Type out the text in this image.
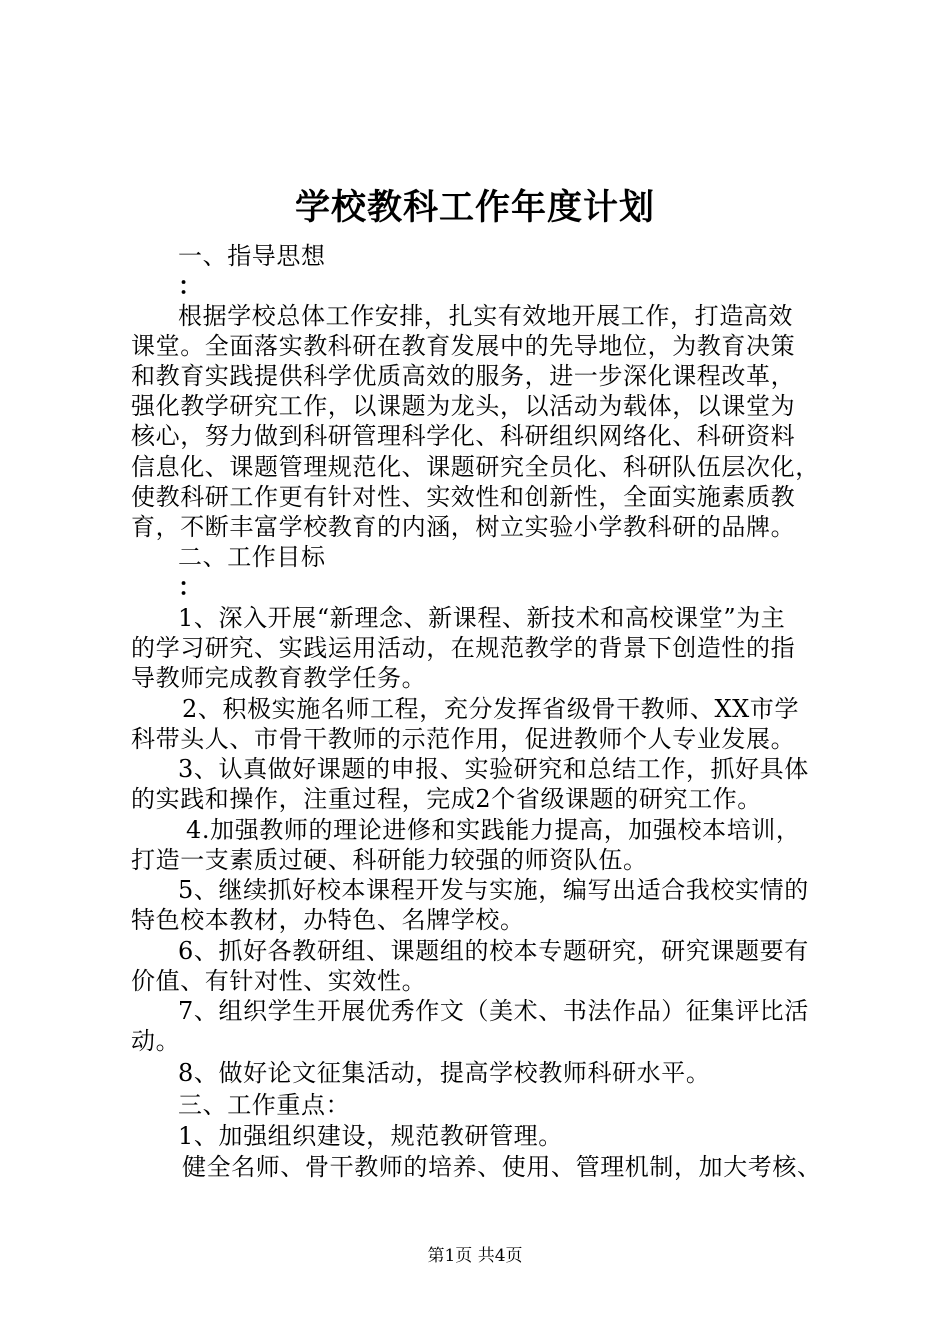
学校教科工作年度计划
一、指导思想
：
根据学校总体工作安排，扎实有效地开展工作，打造高效
课堂。全面落实教科研在教育发展中的先导地位，为教育决策
和教育实践提供科学优质高效的服务，进一步深化课程改革，
强化教学研究工作，以课题为龙头，以活动为载体，以课堂为
核心，努力做到科研管理科学化、科研组织网络化、科研资料
信息化、课题管理规范化、课题研究全员化、科研队伍层次化，
使教科研工作更有针对性、实效性和创新性，全面实施素质教
育，不断丰富学校教育的内涵，树立实验小学教科研的品牌。
二、工作目标
：
1、深入开展“新理念、新课程、新技术和高校课堂”为主
的学习研究、实践运用活动，在规范教学的背景下创造性的指
导教师完成教育教学任务。
2、积极实施名师工程，充分发挥省级骨干教师、XX市学
科带头人、市骨干教师的示范作用，促进教师个人专业发展。
3、认真做好课题的申报、实验研究和总结工作，抓好具体
的实践和操作，注重过程，完成2个省级课题的研究工作。
4.加强教师的理论进修和实践能力提高，加强校本培训，
打造一支素质过硬、科研能力较强的师资队伍。
5、继续抓好校本课程开发与实施，编写出适合我校实情的
特色校本教材，办特色、名牌学校。
6、抓好各教研组、课题组的校本专题研究，研究课题要有
价值、有针对性、实效性。
7、组织学生开展优秀作文（美术、书法作品）征集评比活
动。
8、做好论文征集活动，提高学校教师科研水平。
三、工作重点：
1、加强组织建设，规范教研管理。
健全名师、骨干教师的培养、使用、管理机制，加大考核、
第1页 共4页
